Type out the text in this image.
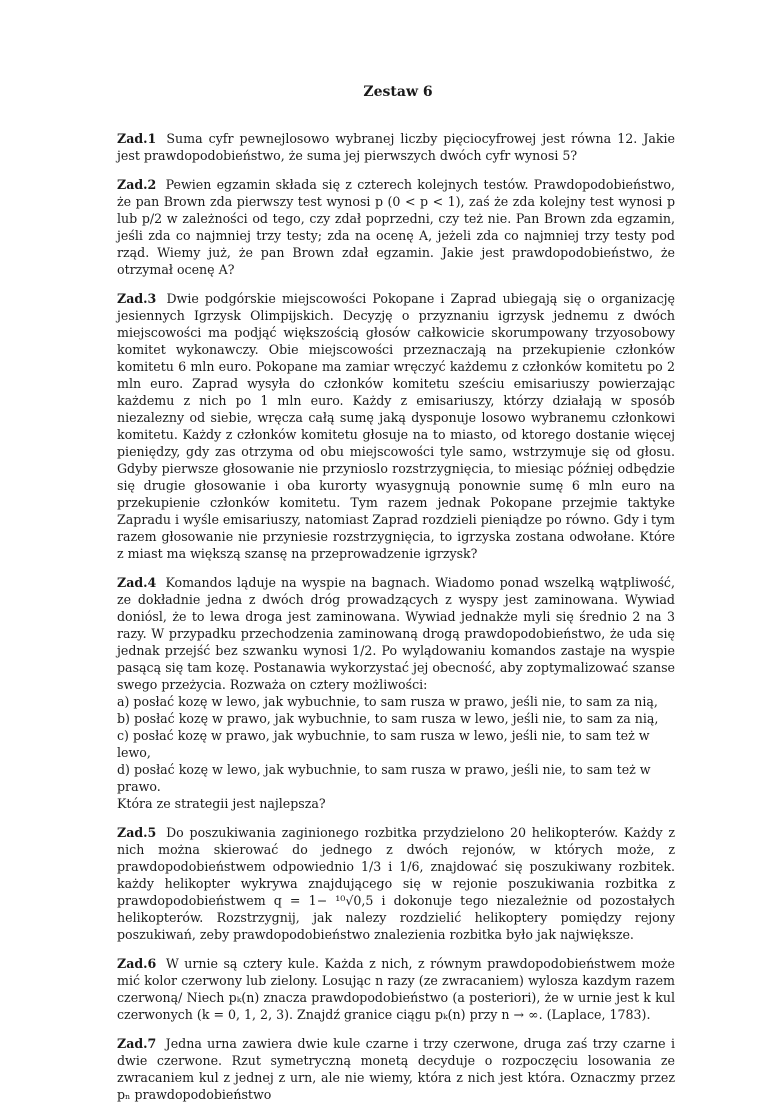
Zestaw 6

Zad.1 Suma cyfr pewnejlosowo wybranej liczby pięciocyfrowej jest równa 12. Jakie jest prawdopodobieństwo, że suma jej pierwszych dwóch cyfr wynosi 5?

Zad.2 Pewien egzamin składa się z czterech kolejnych testów. Prawdopodobieństwo, że pan Brown zda pierwszy test wynosi p (0 < p < 1), zaś że zda kolejny test wynosi p lub p/2 w zależności od tego, czy zdał poprzedni, czy też nie. Pan Brown zda egzamin, jeśli zda co najmniej trzy testy; zda na ocenę A, jeżeli zda co najmniej trzy testy pod rząd. Wiemy już, że pan Brown zdał egzamin. Jakie jest prawdopodobieństwo, że otrzymał ocenę A?

Zad.3 Dwie podgórskie miejscowości Pokopane i Zaprad ubiegają się o organizację jesiennych Igrzysk Olimpijskich. Decyzję o przyznaniu igrzysk jednemu z dwóch miejscowości ma podjąć większością głosów całkowicie skorumpowany trzyosobowy komitet wykonawczy. Obie miejscowości przeznaczają na przekupienie członków komitetu 6 mln euro. Pokopane ma zamiar wręczyć każdemu z członków komitetu po 2 mln euro. Zaprad wysyła do członków komitetu sześciu emisariuszy powierzając każdemu z nich po 1 mln euro. Każdy z emisariuszy, którzy działają w sposób niezalezny od siebie, wręcza całą sumę jaką dysponuje losowo wybranemu członkowi komitetu. Każdy z członków komitetu głosuje na to miasto, od ktorego dostanie więcej pieniędzy, gdy zas otrzyma od obu miejscowości tyle samo, wstrzymuje się od głosu. Gdyby pierwsze głosowanie nie przynioslo rozstrzygnięcia, to miesiąc później odbędzie się drugie głosowanie i oba kurorty wyasygnują ponownie sumę 6 mln euro na przekupienie członków komitetu. Tym razem jednak Pokopane przejmie taktyke Zapradu i wyśle emisariuszy, natomiast Zaprad rozdzieli pieniądze po równo. Gdy i tym razem głosowanie nie przyniesie rozstrzygnięcia, to igrzyska zostana odwołane. Które z miast ma większą szansę na przeprowadzenie igrzysk?

Zad.4 Komandos ląduje na wyspie na bagnach. Wiadomo ponad wszelką wątpliwość, ze dokładnie jedna z dwóch dróg prowadzących z wyspy jest zaminowana. Wywiad doniósl, że to lewa droga jest zaminowana. Wywiad jednakże myli się średnio 2 na 3 razy. W przypadku przechodzenia zaminowaną drogą prawdopodobieństwo, że uda się jednak przejść bez szwanku wynosi 1/2. Po wylądowaniu komandos zastaje na wyspie pasącą się tam kozę. Postanawia wykorzystać jej obecność, aby zoptymalizować szanse swego przeżycia. Rozważa on cztery możliwości:
a) posłać kozę w lewo, jak wybuchnie, to sam rusza w prawo, jeśli nie, to sam za nią,
b) posłać kozę w prawo, jak wybuchnie, to sam rusza w lewo, jeśli nie, to sam za nią,
c) posłać kozę w prawo, jak wybuchnie, to sam rusza w lewo, jeśli nie, to sam też w lewo,
d) posłać kozę w lewo, jak wybuchnie, to sam rusza w prawo, jeśli nie, to sam też w prawo.
Która ze strategii jest najlepsza?

Zad.5 Do poszukiwania zaginionego rozbitka przydzielono 20 helikopterów. Każdy z nich można skierować do jednego z dwóch rejonów, w których może, z prawdopodobieństwem odpowiednio 1/3 i 1/6, znajdować się poszukiwany rozbitek. każdy helikopter wykrywa znajdującego się w rejonie poszukiwania rozbitka z prawdopodobieństwem q = 1− ¹⁰√0,5 i dokonuje tego niezależnie od pozostałych helikopterów. Rozstrzygnij, jak nalezy rozdzielić helikoptery pomiędzy rejony poszukiwań, zeby prawdopodobieństwo znalezienia rozbitka było jak największe.

Zad.6 W urnie są cztery kule. Każda z nich, z równym prawdopodobieństwem może mić kolor czerwony lub zielony. Losując n razy (ze zwracaniem) wylosza kazdym razem czerwoną/ Niech pₖ(n) znacza prawdopodobieństwo (a posteriori), że w urnie jest k kul czerwonych (k = 0, 1, 2, 3). Znajdź granice ciągu pₖ(n) przy n → ∞. (Laplace, 1783).

Zad.7 Jedna urna zawiera dwie kule czarne i trzy czerwone, druga zaś trzy czarne i dwie czerwone. Rzut symetryczną monetą decyduje o rozpoczęciu losowania ze zwracaniem kul z jednej z urn, ale nie wiemy, która z nich jest która. Oznaczmy przez pₙ prawdopodobieństwo
